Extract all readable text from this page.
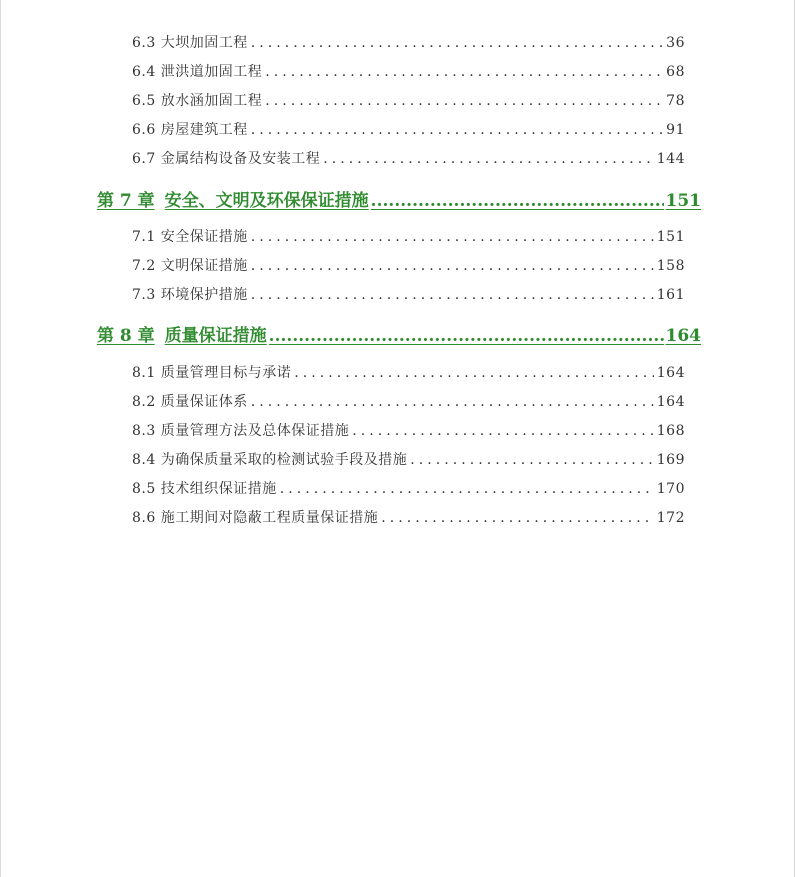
6.3 大坝加固工程 . . .	36
6.4 泄洪道加固工程 . . .	68
6.5 放水涵加固工程 . . .	78
6.6 房屋建筑工程 . . .	91
6.7 金属结构设备及安装工程 . . .	144
第 7 章 安全、文明及环保保证措施 .....	151
7.1 安全保证措施 . . .	151
7.2 文明保证措施 . . .	158
7.3 环境保护措施 . . .	161
第 8 章 质量保证措施 .....	164
8.1 质量管理目标与承诺 . . .	164
8.2 质量保证体系 . . .	164
8.3 质量管理方法及总体保证措施 . . .	168
8.4 为确保质量采取的检测试验手段及措施 . . .	169
8.5 技术组织保证措施 . . .	170
8.6 施工期间对隐蔽工程质量保证措施 . . .	172
